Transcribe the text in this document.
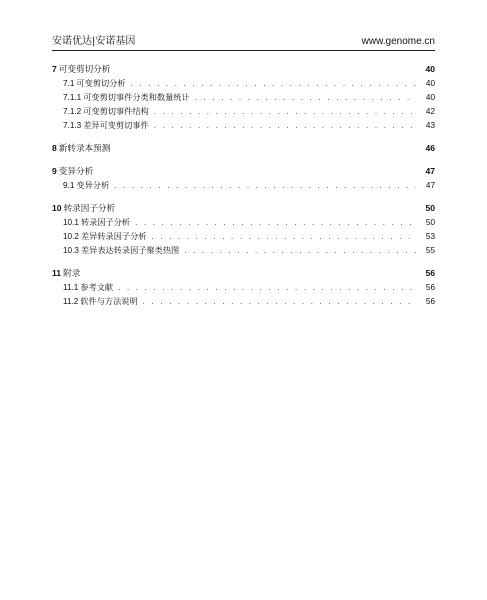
安诺优达|安诺基因	www.genome.cn
7 可变剪切分析	40
7.1 可变剪切分析 . . .	40
7.1.1 可变剪切事件分类和数量统计 . . .	40
7.1.2 可变剪切事件结构 . . .	42
7.1.3 差异可变剪切事件 . . .	43
8 新转录本预测	46
9 变异分析	47
9.1 变异分析 . . .	47
10 转录因子分析	50
10.1 转录因子分析 . . .	50
10.2 差异转录因子分析 . . .	53
10.3 差异表达转录因子聚类热图 . . .	55
11 附录	56
11.1 参考文献 . . .	56
11.2 软件与方法说明 . . .	56
